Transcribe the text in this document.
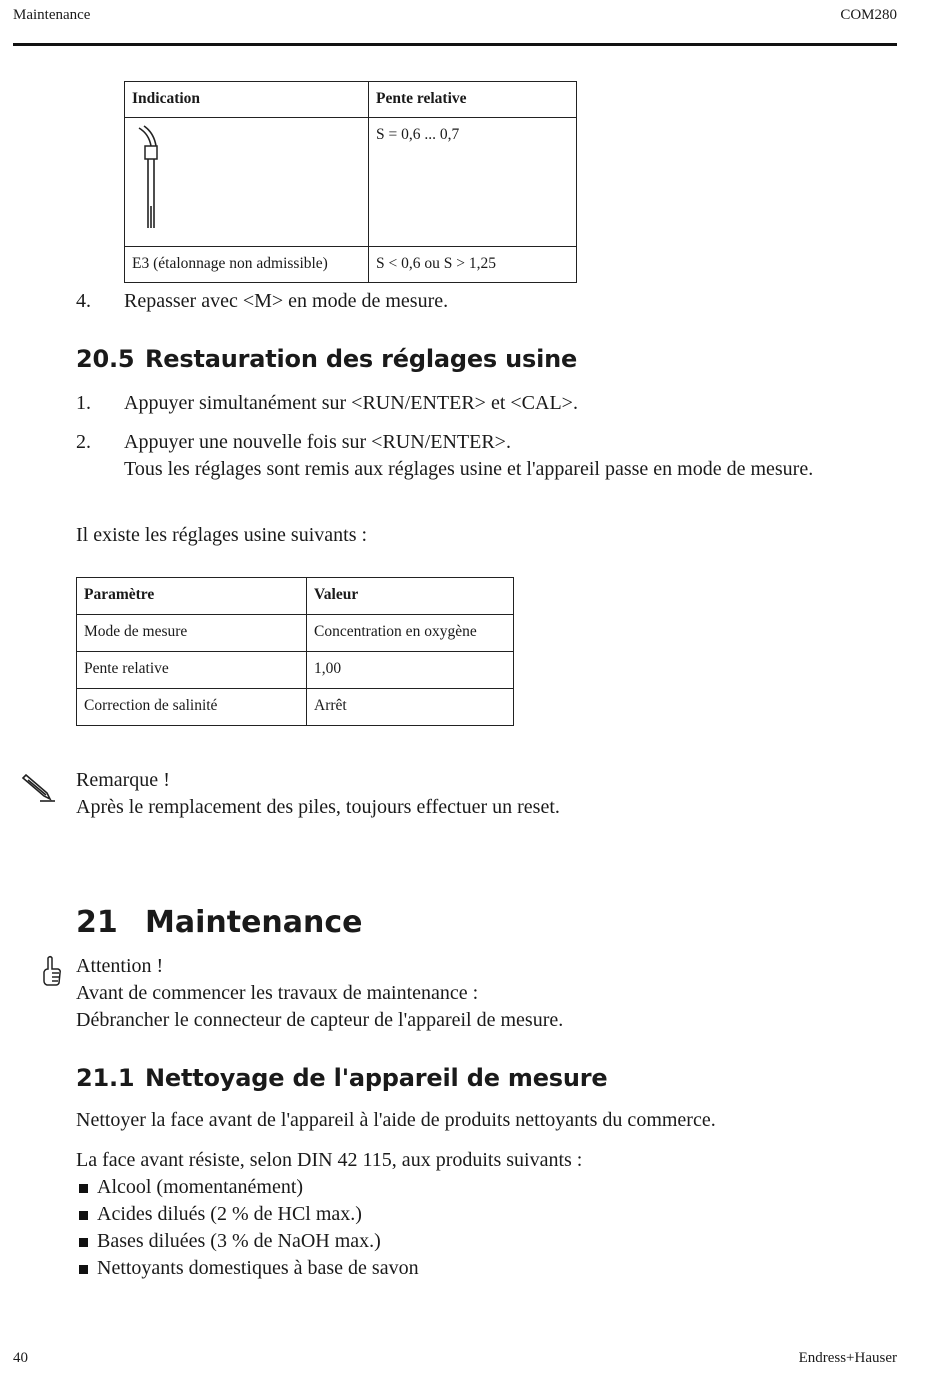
Maintenance	COM280
Indication	Pente relative
	S = 0,6 ... 0,7
E3 (étalonnage non admissible)	S < 0,6 ou S > 1,25
4. Repasser avec <M> en mode de mesure.
20.5 Restauration des réglages usine
1. Appuyer simultanément sur <RUN/ENTER> et <CAL>.
2. Appuyer une nouvelle fois sur <RUN/ENTER>.
Tous les réglages sont remis aux réglages usine et l'appareil passe en mode de mesure.
Il existe les réglages usine suivants :
Paramètre	Valeur
Mode de mesure	Concentration en oxygène
Pente relative	1,00
Correction de salinité	Arrêt
Remarque !
Après le remplacement des piles, toujours effectuer un reset.
21 Maintenance
Attention !
Avant de commencer les travaux de maintenance :
Débrancher le connecteur de capteur de l'appareil de mesure.
21.1 Nettoyage de l'appareil de mesure
Nettoyer la face avant de l'appareil à l'aide de produits nettoyants du commerce.
La face avant résiste, selon DIN 42 115, aux produits suivants :
Alcool (momentanément)
Acides dilués (2 % de HCl max.)
Bases diluées (3 % de NaOH max.)
Nettoyants domestiques à base de savon
40	Endress+Hauser
